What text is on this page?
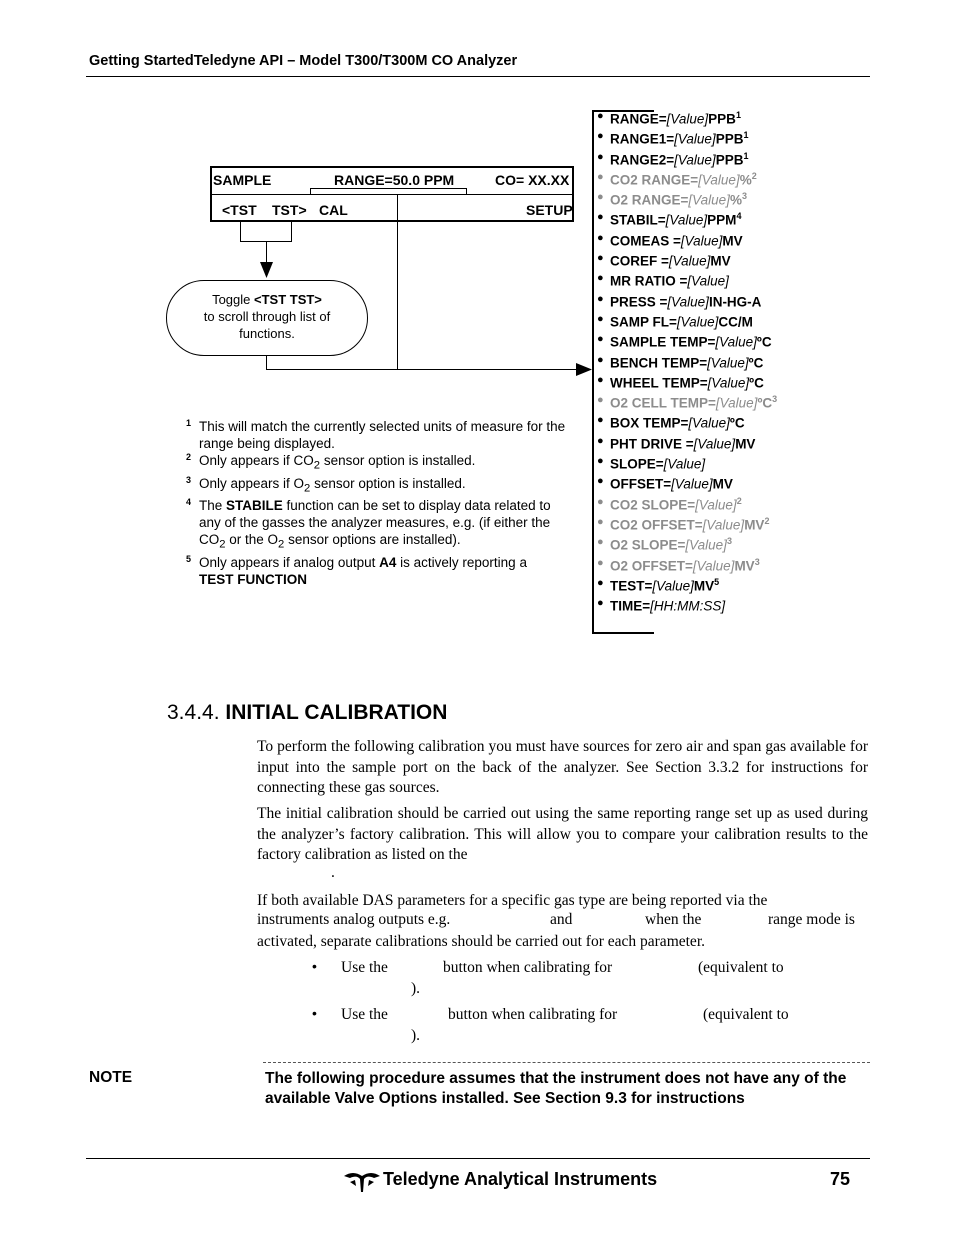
Getting StartedTeledyne API – Model T300/T300M CO Analyzer
SAMPLE	RANGE=50.0 PPM	CO= XX.XX
<TST TST> CAL	SETUP
Toggle <TST TST>
to scroll through list of
functions.
● $RANGE=[Value]PPB^1$
● $RANGE1=[Value]PPB^1$
● $RANGE2=[Value]PPB^1$
● CO2 RANGE=[Value]%$^2$
● O2 RANGE=[Value]%$^3$
● $STABIL=[Value]PPM^4$
● COMEAS =[Value]MV
● COREF =[Value]MV
● MR RATIO =[Value]
● PRESS =[Value]IN-HG-A
● SAMP FL=[Value]CC/M
● SAMPLE TEMP=[Value]ºC
● BENCH TEMP=[Value]ºC
● WHEEL TEMP=[Value]ºC
● O2 CELL TEMP=[Value]ºC$^3$
● BOX TEMP=[Value]ºC
● PHT DRIVE =[Value]MV
● SLOPE=[Value]
● OFFSET=[Value]MV
● CO2 SLOPE=[Value]$^2$
● CO2 $OFFSET=[Value]MV^2$
● O2 SLOPE=[Value]$^3$
● O2 $OFFSET=[Value]MV^3$
● $TEST=[Value]MV^5$
● TIME=[HH:MM:SS]
1 This will match the currently selected units of measure for the range being displayed.
2 Only appears if $CO_2$ sensor option is installed.
3 Only appears if $O_2$ sensor option is installed.
4 The STABILE function can be set to display data related to any of the gasses the analyzer measures, e.g. (if either the $CO_2$ or the $O_2$ sensor options are installed).
5 Only appears if analog output A4 is actively reporting a
TEST FUNCTION
3.4.4. INITIAL CALIBRATION
To perform the following calibration you must have sources for zero air and span gas available for input into the sample port on the back of the analyzer. See Section 3.3.2 for instructions for connecting these gas sources.
The initial calibration should be carried out using the same reporting range set up as used during the analyzer’s factory calibration. This will allow you to compare your calibration results to the factory calibration as listed on the
.
If both available DAS parameters for a specific gas type are being reported via the
instruments analog outputs e.g.	and	when the	range mode is
activated, separate calibrations should be carried out for each parameter.
• Use the	button when calibrating for	(equivalent to
).
• Use the	button when calibrating for	(equivalent to
).
NOTE	The following procedure assumes that the instrument does not have any of the available Valve Options installed. See Section 9.3 for instructions
Teledyne Analytical Instruments	75
